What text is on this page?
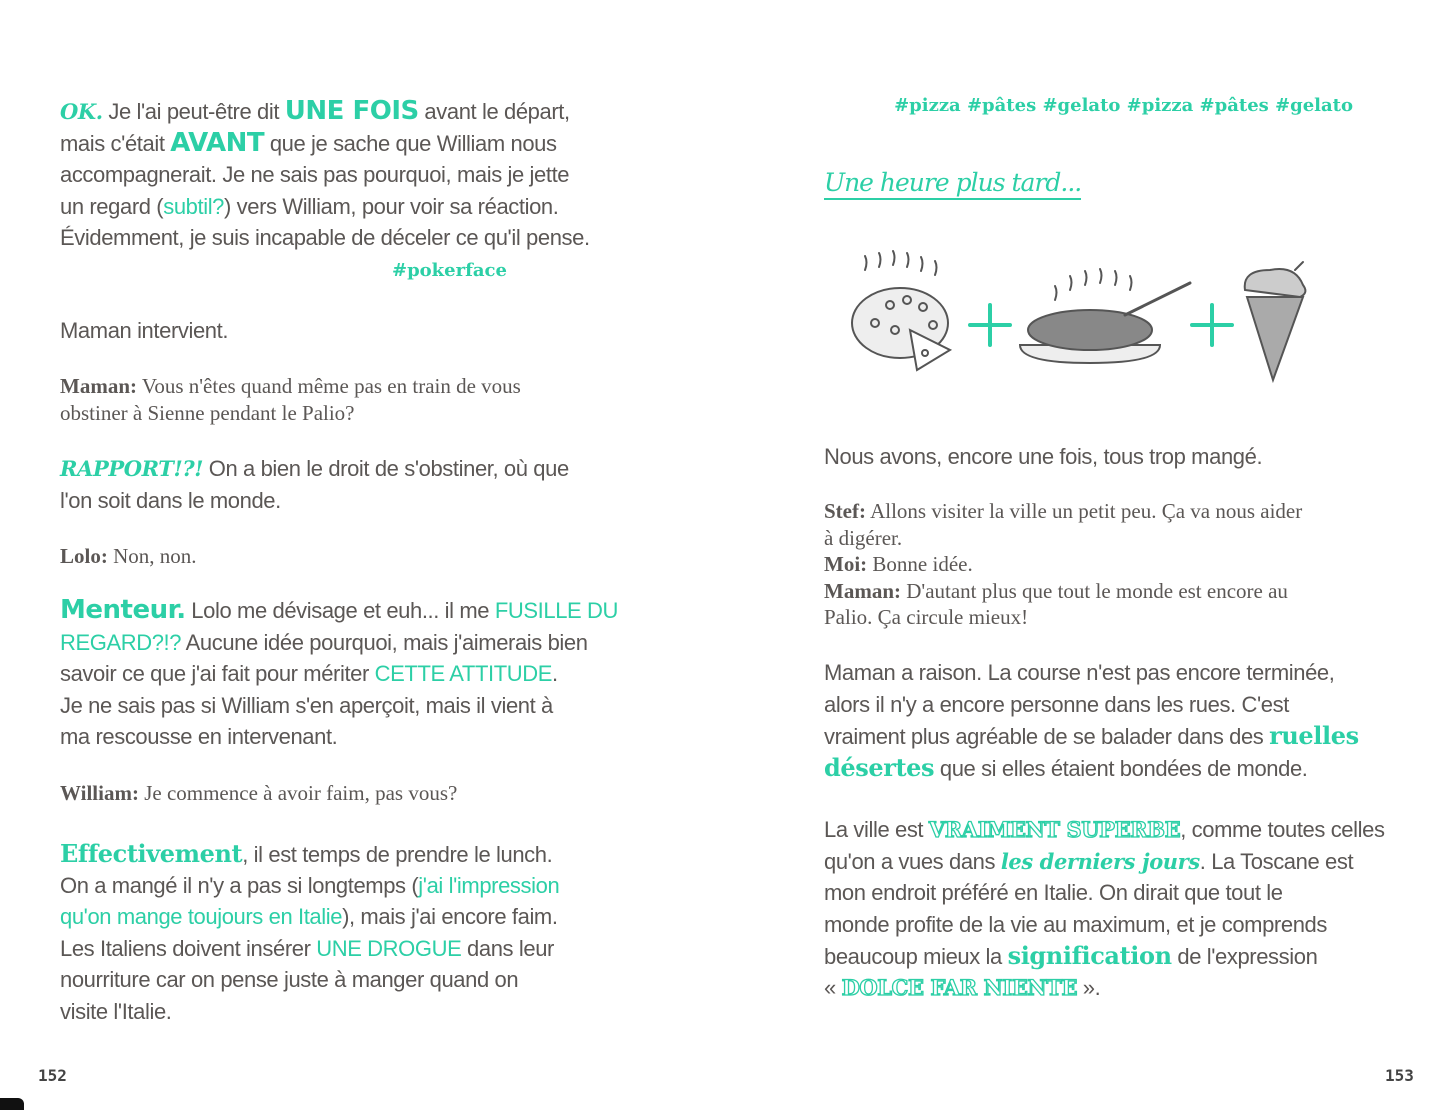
OK. Je l'ai peut-être dit UNE FOIS avant le départ,
mais c'était AVANT que je sache que William nous
accompagnerait. Je ne sais pas pourquoi, mais je jette
un regard (subtil?) vers William, pour voir sa réaction.
Évidemment, je suis incapable de déceler ce qu'il pense.
#pokerface
Maman intervient.
Maman: Vous n'êtes quand même pas en train de vous
obstiner à Sienne pendant le Palio?
RAPPORT!?! On a bien le droit de s'obstiner, où que
l'on soit dans le monde.
Lolo: Non, non.
Menteur. Lolo me dévisage et euh... il me FUSILLE DU
REGARD?!? Aucune idée pourquoi, mais j'aimerais bien
savoir ce que j'ai fait pour mériter CETTE ATTITUDE.
Je ne sais pas si William s'en aperçoit, mais il vient à
ma rescousse en intervenant.
William: Je commence à avoir faim, pas vous?
Effectivement, il est temps de prendre le lunch.
On a mangé il n'y a pas si longtemps (j'ai l'impression
qu'on mange toujours en Italie), mais j'ai encore faim.
Les Italiens doivent insérer UNE DROGUE dans leur
nourriture car on pense juste à manger quand on
visite l'Italie.
152
#pizza #pâtes #gelato #pizza #pâtes #gelato
Une heure plus tard...
Nous avons, encore une fois, tous trop mangé.
Stef: Allons visiter la ville un petit peu. Ça va nous aider
à digérer.
Moi: Bonne idée.
Maman: D'autant plus que tout le monde est encore au
Palio. Ça circule mieux!
Maman a raison. La course n'est pas encore terminée,
alors il n'y a encore personne dans les rues. C'est
vraiment plus agréable de se balader dans des ruelles
désertes que si elles étaient bondées de monde.
La ville est VRAIMENT SUPERBE, comme toutes celles
qu'on a vues dans les derniers jours. La Toscane est
mon endroit préféré en Italie. On dirait que tout le
monde profite de la vie au maximum, et je comprends
beaucoup mieux la signification de l'expression
« DOLCE FAR NIENTE ».
153
